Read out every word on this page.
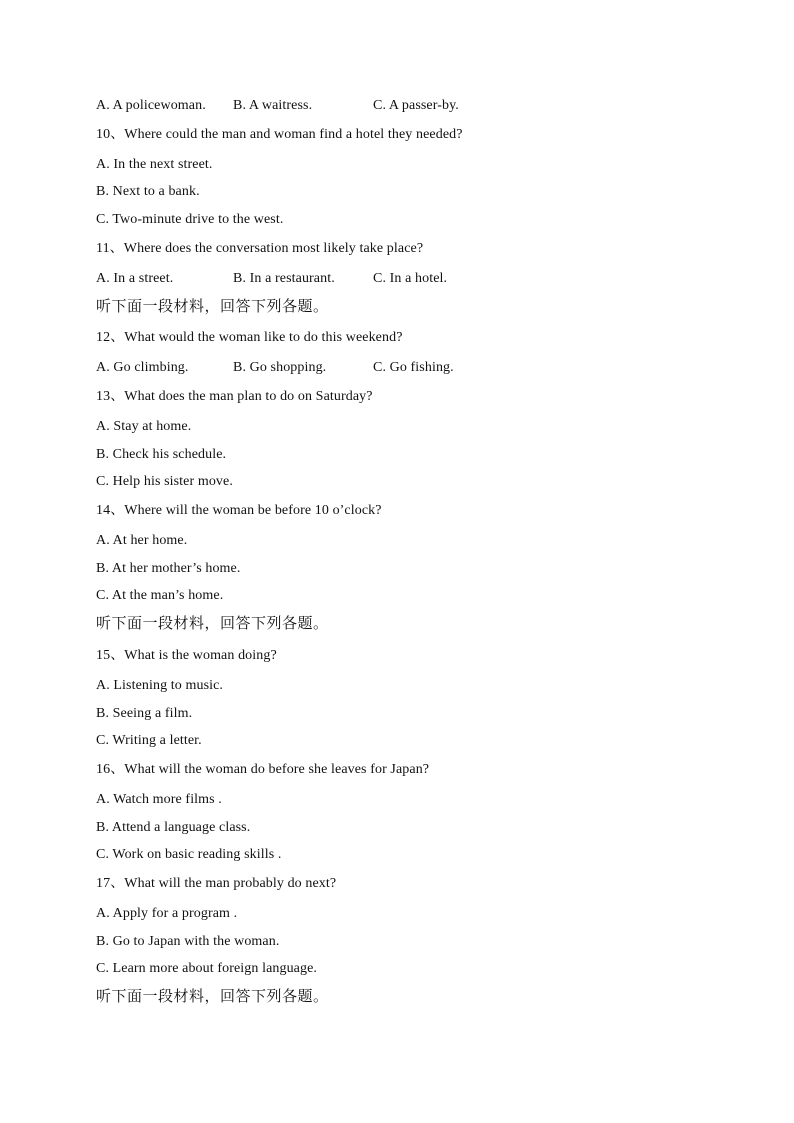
A. A policewoman.

B. A waitress.

	C. A passer-by.

10、Where could the man and woman find a hotel they needed?
A. In the next street.
B. Next to a bank.
C. Two-minute drive to the west.
11、Where does the conversation most likely take place?

A. In a street.

	B. In a restaurant.

	C. In a hotel.

听下面一段材料，回答下列各题。
12、What would the woman like to do this weekend?

A. Go climbing.

	B. Go shopping.

	C. Go fishing.

13、What does the man plan to do on Saturday?
A. Stay at home.
B. Check his schedule.
C. Help his sister move.
14、Where will the woman be before 10 o’clock?
A. At her home.
B. At her mother’s home.
C. At the man’s home.
听下面一段材料，回答下列各题。
15、What is the woman doing?
A. Listening to music.
B. Seeing a film.
C. Writing a letter.
16、What will the woman do before she leaves for Japan?
A. Watch more films .
B. Attend a language class.
C. Work on basic reading skills .
17、What will the man probably do next?
A. Apply for a program .
B. Go to Japan with the woman.
C. Learn more about foreign language.
听下面一段材料，回答下列各题。
